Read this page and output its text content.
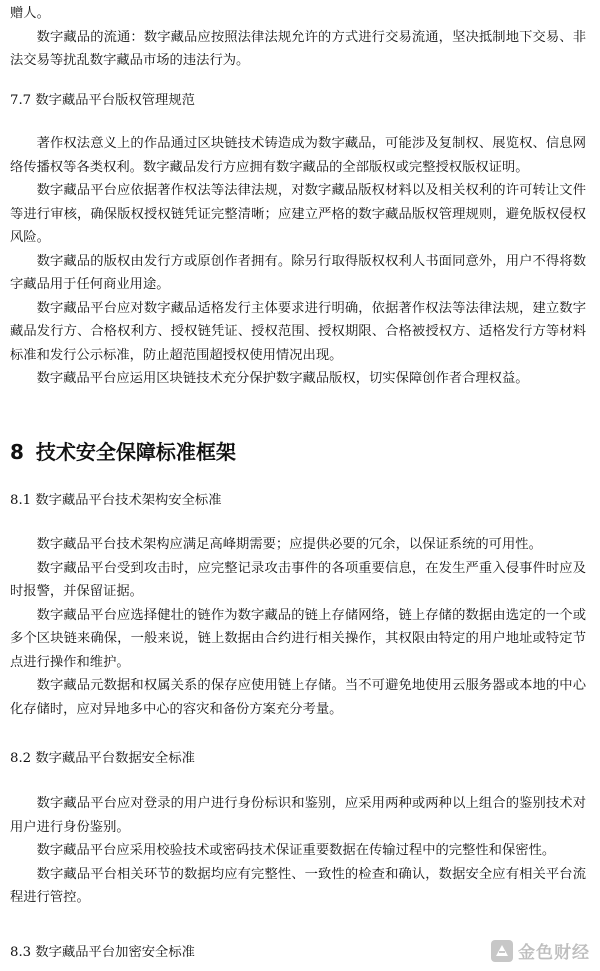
赠人。

数字藏品的流通：数字藏品应按照法律法规允许的方式进行交易流通，坚决抵制地下交易、非法交易等扰乱数字藏品市场的违法行为。

7.7 数字藏品平台版权管理规范

著作权法意义上的作品通过区块链技术铸造成为数字藏品，可能涉及复制权、展览权、信息网络传播权等各类权利。数字藏品发行方应拥有数字藏品的全部版权或完整授权版权证明。

数字藏品平台应依据著作权法等法律法规，对数字藏品版权材料以及相关权利的许可转让文件等进行审核，确保版权授权链凭证完整清晰；应建立严格的数字藏品版权管理规则，避免版权侵权风险。

数字藏品的版权由发行方或原创作者拥有。除另行取得版权权利人书面同意外，用户不得将数字藏品用于任何商业用途。

数字藏品平台应对数字藏品适格发行主体要求进行明确，依据著作权法等法律法规，建立数字藏品发行方、合格权利方、授权链凭证、授权范围、授权期限、合格被授权方、适格发行方等材料标准和发行公示标准，防止超范围超授权使用情况出现。

数字藏品平台应运用区块链技术充分保护数字藏品版权，切实保障创作者合理权益。

8 技术安全保障标准框架
8.1 数字藏品平台技术架构安全标准

数字藏品平台技术架构应满足高峰期需要；应提供必要的冗余，以保证系统的可用性。

数字藏品平台受到攻击时，应完整记录攻击事件的各项重要信息，在发生严重入侵事件时应及时报警，并保留证据。

数字藏品平台应选择健壮的链作为数字藏品的链上存储网络，链上存储的数据由选定的一个或多个区块链来确保，一般来说，链上数据由合约进行相关操作，其权限由特定的用户地址或特定节点进行操作和维护。

数字藏品元数据和权属关系的保存应使用链上存储。当不可避免地使用云服务器或本地的中心化存储时，应对异地多中心的容灾和备份方案充分考量。

8.2 数字藏品平台数据安全标准

数字藏品平台应对登录的用户进行身份标识和鉴别，应采用两种或两种以上组合的鉴别技术对用户进行身份鉴别。

数字藏品平台应采用校验技术或密码技术保证重要数据在传输过程中的完整性和保密性。

数字藏品平台相关环节的数据均应有完整性、一致性的检查和确认，数据安全应有相关平台流程进行管控。

8.3 数字藏品平台加密安全标准	金色财经
